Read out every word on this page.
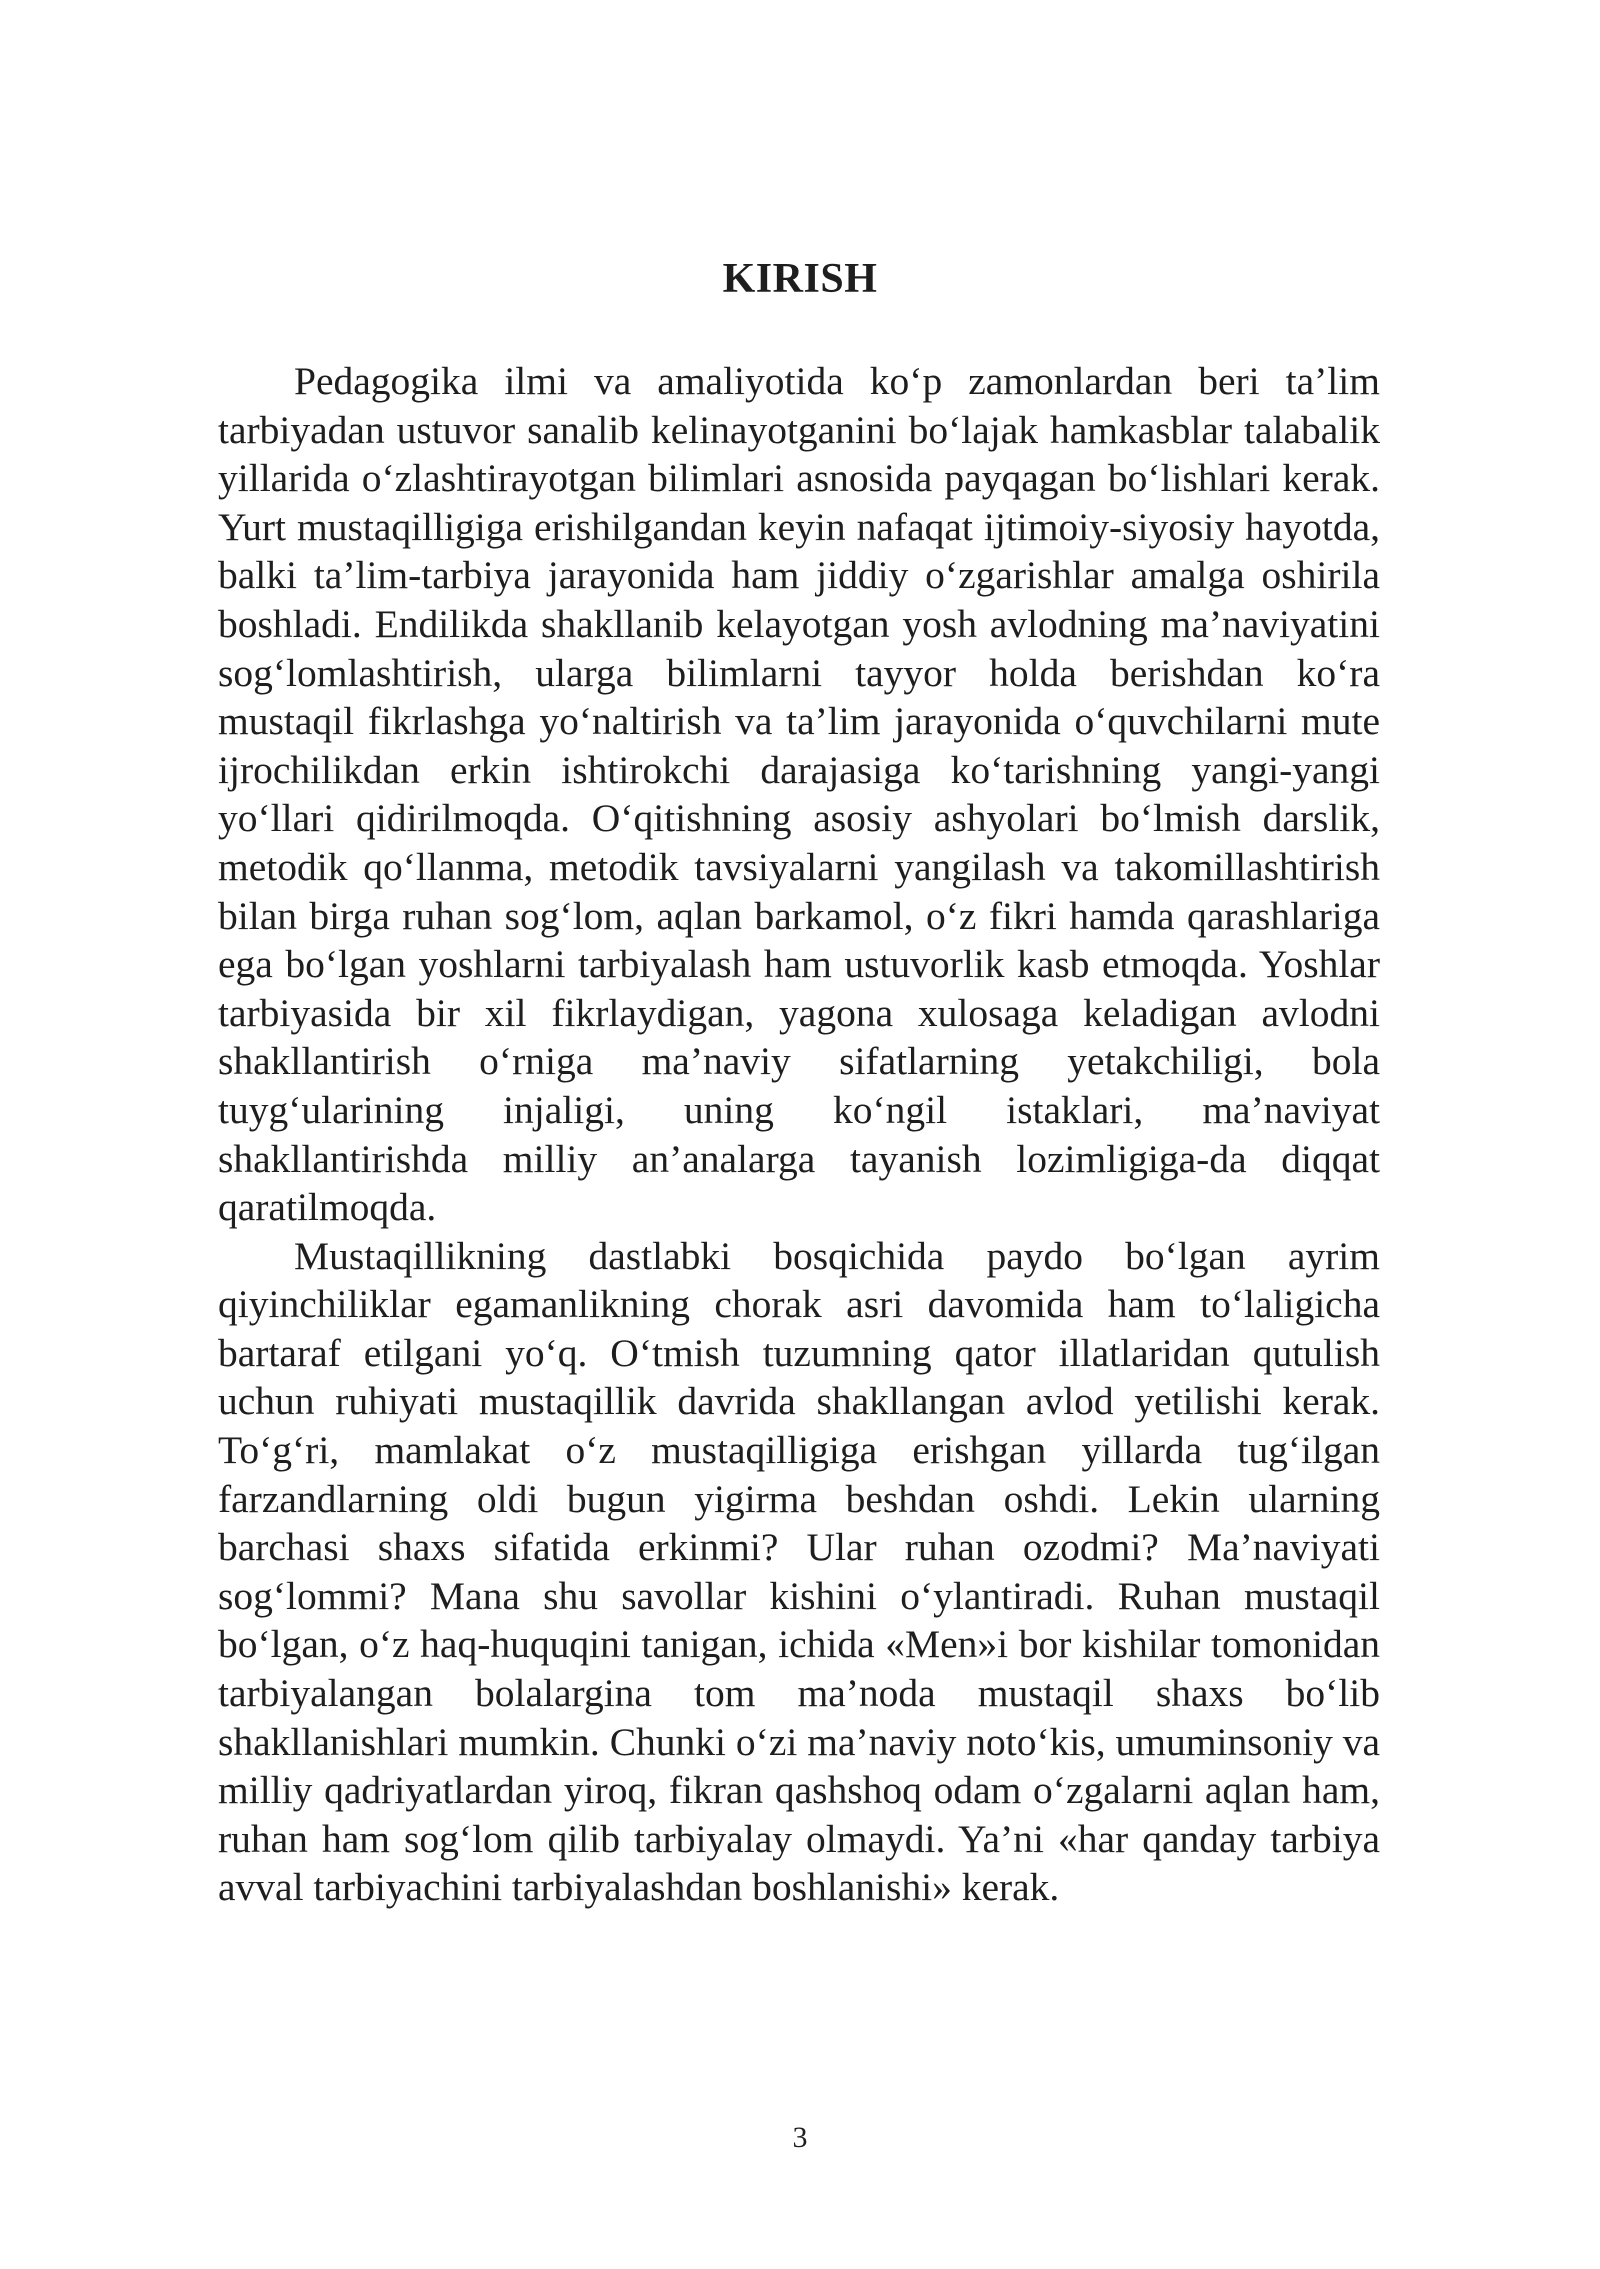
KIRISH

Pedagogika ilmi va amaliyotida ko‘p zamonlardan beri ta’lim tarbiyadan ustuvor sanalib kelinayotganini bo‘lajak hamkasblar talabalik yillarida o‘zlashtirayotgan bilimlari asnosida payqagan bo‘lishlari kerak. Yurt mustaqilligiga erishilgandan keyin nafaqat ijtimoiy-siyosiy hayotda, balki ta’lim-tarbiya jarayonida ham jiddiy o‘zgarishlar amalga oshirila boshladi. Endilikda shakllanib kelayotgan yosh avlodning ma’naviyatini sog‘lomlashtirish, ularga bilimlarni tayyor holda berishdan ko‘ra mustaqil fikrlashga yo‘naltirish va ta’lim jarayonida o‘quvchilarni mute ijrochilikdan erkin ishtirokchi darajasiga ko‘tarishning yangi-yangi yo‘llari qidirilmoqda. O‘qitishning asosiy ashyolari bo‘lmish darslik, metodik qo‘llanma, metodik tavsiyalarni yangilash va takomillashtirish bilan birga ruhan sog‘lom, aqlan barkamol, o‘z fikri hamda qarashlariga ega bo‘lgan yoshlarni tarbiyalash ham ustuvorlik kasb etmoqda. Yoshlar tarbiyasida bir xil fikrlaydigan, yagona xulosaga keladigan avlodni shakllantirish o‘rniga ma’naviy sifatlarning yetakchiligi, bola tuyg‘ularining injaligi, uning ko‘ngil istaklari, ma’naviyat shakllantirishda milliy an’analarga tayanish lozimligiga-da diqqat qaratilmoqda.

Mustaqillikning dastlabki bosqichida paydo bo‘lgan ayrim qiyinchiliklar egamanlikning chorak asri davomida ham to‘laligicha bartaraf etilgani yo‘q. O‘tmish tuzumning qator illatlaridan qutulish uchun ruhiyati mustaqillik davrida shakllangan avlod yetilishi kerak. To‘g‘ri, mamlakat o‘z mustaqilligiga erishgan yillarda tug‘ilgan farzandlarning oldi bugun yigirma beshdan oshdi. Lekin ularning barchasi shaxs sifatida erkinmi? Ular ruhan ozodmi? Ma’naviyati sog‘lommi? Mana shu savollar kishini o‘ylantiradi. Ruhan mustaqil bo‘lgan, o‘z haq-huquqini tanigan, ichida «Men»i bor kishilar tomonidan tarbiyalangan bolalargina tom ma’noda mustaqil shaxs bo‘lib shakllanishlari mumkin. Chunki o‘zi ma’naviy noto‘kis, umuminsoniy va milliy qadriyatlardan yiroq, fikran qashshoq odam o‘zgalarni aqlan ham, ruhan ham sog‘lom qilib tarbiyalay olmaydi. Ya’ni «har qanday tarbiya avval tarbiyachini tarbiyalashdan boshlanishi» kerak.

3
